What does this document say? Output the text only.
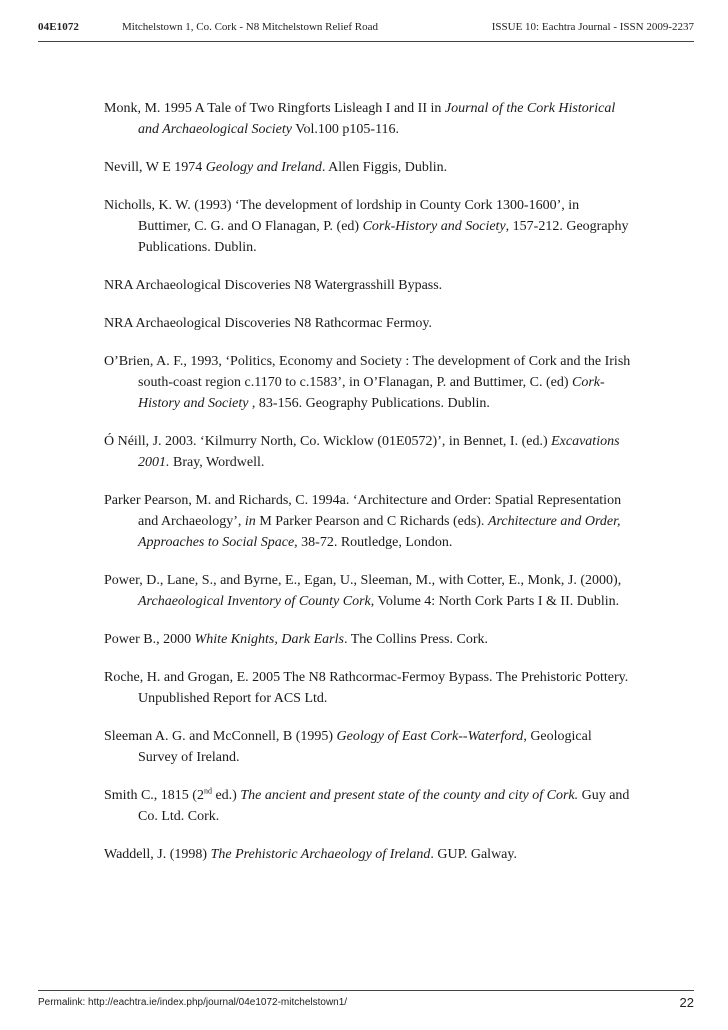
04E1072	Mitchelstown 1, Co. Cork - N8 Mitchelstown Relief Road	ISSUE 10: Eachtra Journal - ISSN 2009-2237
Monk, M. 1995 A Tale of Two Ringforts Lisleagh I and II in Journal of the Cork Historical and Archaeological Society Vol.100 p105-116.
Nevill, W E 1974 Geology and Ireland. Allen Figgis, Dublin.
Nicholls, K. W. (1993) ‘The development of lordship in County Cork 1300-1600’, in Buttimer, C. G. and O Flanagan, P. (ed) Cork-History and Society, 157-212. Geography Publications. Dublin.
NRA Archaeological Discoveries N8 Watergrasshill Bypass.
NRA Archaeological Discoveries N8 Rathcormac Fermoy.
O’Brien, A. F., 1993, ‘Politics, Economy and Society : The development of Cork and the Irish south-coast region c.1170 to c.1583’, in O’Flanagan, P. and Buttimer, C. (ed) Cork-History and Society , 83-156. Geography Publications. Dublin.
Ó Néill, J. 2003. ‘Kilmurry North, Co. Wicklow (01E0572)’, in Bennet, I. (ed.) Excavations 2001. Bray, Wordwell.
Parker Pearson, M. and Richards, C. 1994a. ‘Architecture and Order: Spatial Representation and Archaeology’, in M Parker Pearson and C Richards (eds). Architecture and Order, Approaches to Social Space, 38-72. Routledge, London.
Power, D., Lane, S., and Byrne, E., Egan, U., Sleeman, M., with Cotter, E., Monk, J. (2000), Archaeological Inventory of County Cork, Volume 4: North Cork Parts I & II. Dublin.
Power B., 2000 White Knights, Dark Earls. The Collins Press. Cork.
Roche, H. and Grogan, E. 2005 The N8 Rathcormac-Fermoy Bypass. The Prehistoric Pottery. Unpublished Report for ACS Ltd.
Sleeman A. G. and McConnell, B (1995) Geology of East Cork--Waterford, Geological Survey of Ireland.
Smith C., 1815 (2nd ed.) The ancient and present state of the county and city of Cork. Guy and Co. Ltd. Cork.
Waddell, J. (1998) The Prehistoric Archaeology of Ireland. GUP. Galway.
Permalink: http://eachtra.ie/index.php/journal/04e1072-mitchelstown1/	22
